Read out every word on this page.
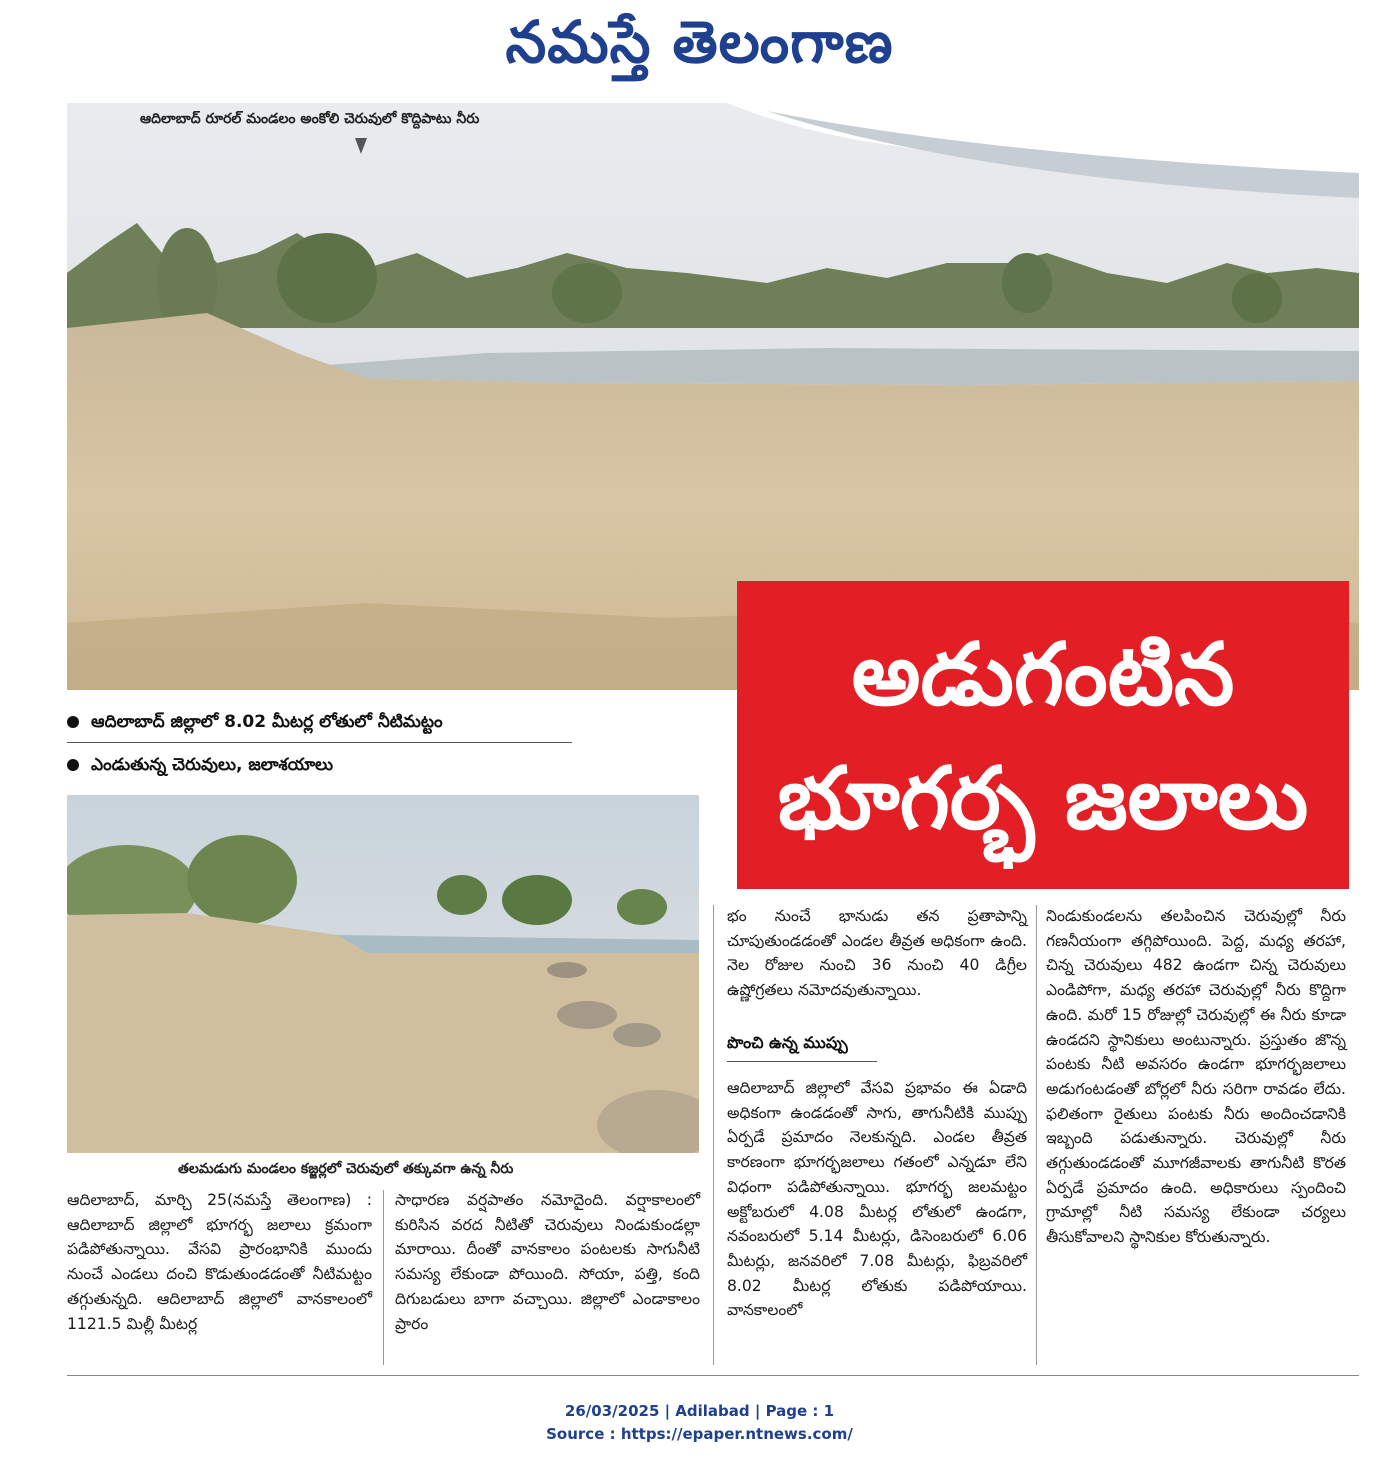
నమస్తే తెలంగాణ
ఆదిలాబాద్ రూరల్ మండలం అంకోలి చెరువులో కొద్దిపాటు నీరు
అడుగంటిన
భూగర్భ జలాలు
ఆదిలాబాద్ జిల్లాలో 8.02 మీటర్ల లోతులో నీటిమట్టం
ఎండుతున్న చెరువులు, జలాశయాలు
తలమడుగు మండలం కజ్జర్లలో చెరువులో తక్కువగా ఉన్న నీరు
ఆదిలాబాద్, మార్చి 25(నమస్తే తెలంగాణ) : ఆదిలాబాద్ జిల్లాలో భూగర్భ జలాలు క్రమంగా పడిపోతున్నాయి. వేసవి ప్రారంభానికి ముందు నుంచే ఎండలు దంచి కొడుతుండడంతో నీటిమట్టం తగ్గుతున్నది. ఆదిలాబాద్ జిల్లాలో వానకాలంలో 1121.5 మిల్లీ మీటర్ల
సాధారణ వర్షపాతం నమోదైంది. వర్షాకాలంలో కురిసిన వరద నీటితో చెరువులు నిండుకుండల్లా మారాయి. దీంతో వానకాలం పంటలకు సాగునీటి సమస్య లేకుండా పోయింది. సోయా, పత్తి, కంది దిగుబడులు బాగా వచ్చాయి. జిల్లాలో ఎండాకాలం ప్రారం
భం నుంచే భానుడు తన ప్రతాపాన్ని చూపుతుండడంతో ఎండల తీవ్రత అధికంగా ఉంది. నెల రోజుల నుంచి 36 నుంచి 40 డిగ్రీల ఉష్ణోగ్రతలు నమోదవుతున్నాయి.
పొంచి ఉన్న ముప్పు
ఆదిలాబాద్ జిల్లాలో వేసవి ప్రభావం ఈ ఏడాది అధికంగా ఉండడంతో సాగు, తాగునీటికి ముప్పు ఏర్పడే ప్రమాదం నెలకున్నది. ఎండల తీవ్రత కారణంగా భూగర్భజలాలు గతంలో ఎన్నడూ లేని విధంగా పడిపోతున్నాయి. భూగర్భ జలమట్టం అక్టోబరులో 4.08 మీటర్ల లోతులో ఉండగా, నవంబరులో 5.14 మీటర్లు, డిసెంబరులో 6.06 మీటర్లు, జనవరిలో 7.08 మీటర్లు, ఫిబ్రవరిలో 8.02 మీటర్ల లోతుకు పడిపోయాయి. వానకాలంలో
నిండుకుండలను తలపించిన చెరువుల్లో నీరు గణనీయంగా తగ్గిపోయింది. పెద్ద, మధ్య తరహా, చిన్న చెరువులు 482 ఉండగా చిన్న చెరువులు ఎండిపోగా, మధ్య తరహా చెరువుల్లో నీరు కొద్దిగా ఉంది. మరో 15 రోజుల్లో చెరువుల్లో ఈ నీరు కూడా ఉండదని స్థానికులు అంటున్నారు. ప్రస్తుతం జొన్న పంటకు నీటి అవసరం ఉండగా భూగర్భజలాలు అడుగంటడంతో బోర్లలో నీరు సరిగా రావడం లేదు. ఫలితంగా రైతులు పంటకు నీరు అందించడానికి ఇబ్బంది పడుతున్నారు. చెరువుల్లో నీరు తగ్గుతుండడంతో మూగజీవాలకు తాగునీటి కొరత ఏర్పడే ప్రమాదం ఉంది. అధికారులు స్పందించి గ్రామాల్లో నీటి సమస్య లేకుండా చర్యలు తీసుకోవాలని స్థానికుల కోరుతున్నారు.
26/03/2025 | Adilabad | Page : 1
Source : https://epaper.ntnews.com/
